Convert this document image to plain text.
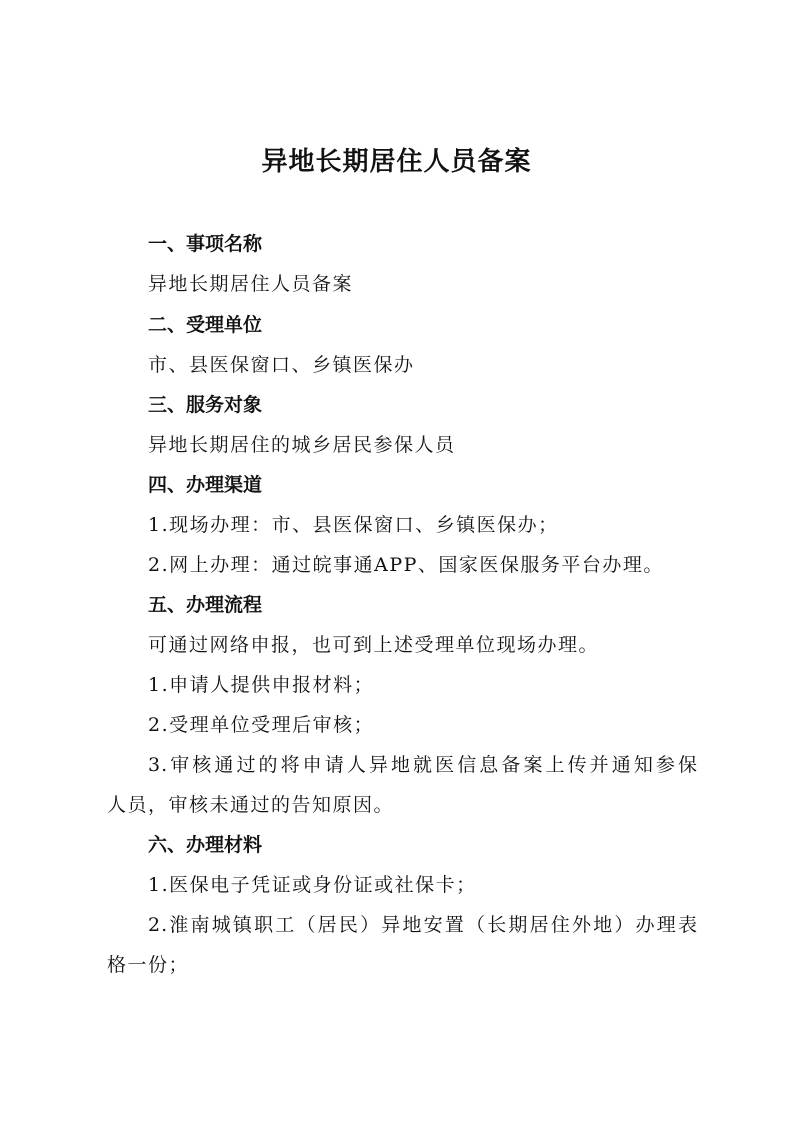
异地长期居住人员备案
一、事项名称
异地长期居住人员备案
二、受理单位
市、县医保窗口、乡镇医保办
三、服务对象
异地长期居住的城乡居民参保人员
四、办理渠道
1.现场办理：市、县医保窗口、乡镇医保办；
2.网上办理：通过皖事通APP、国家医保服务平台办理。
五、办理流程
可通过网络申报，也可到上述受理单位现场办理。
1.申请人提供申报材料；
2.受理单位受理后审核；
3.审核通过的将申请人异地就医信息备案上传并通知参保
人员，审核未通过的告知原因。
六、办理材料
1.医保电子凭证或身份证或社保卡；
2.淮南城镇职工（居民）异地安置（长期居住外地）办理表
格一份；
